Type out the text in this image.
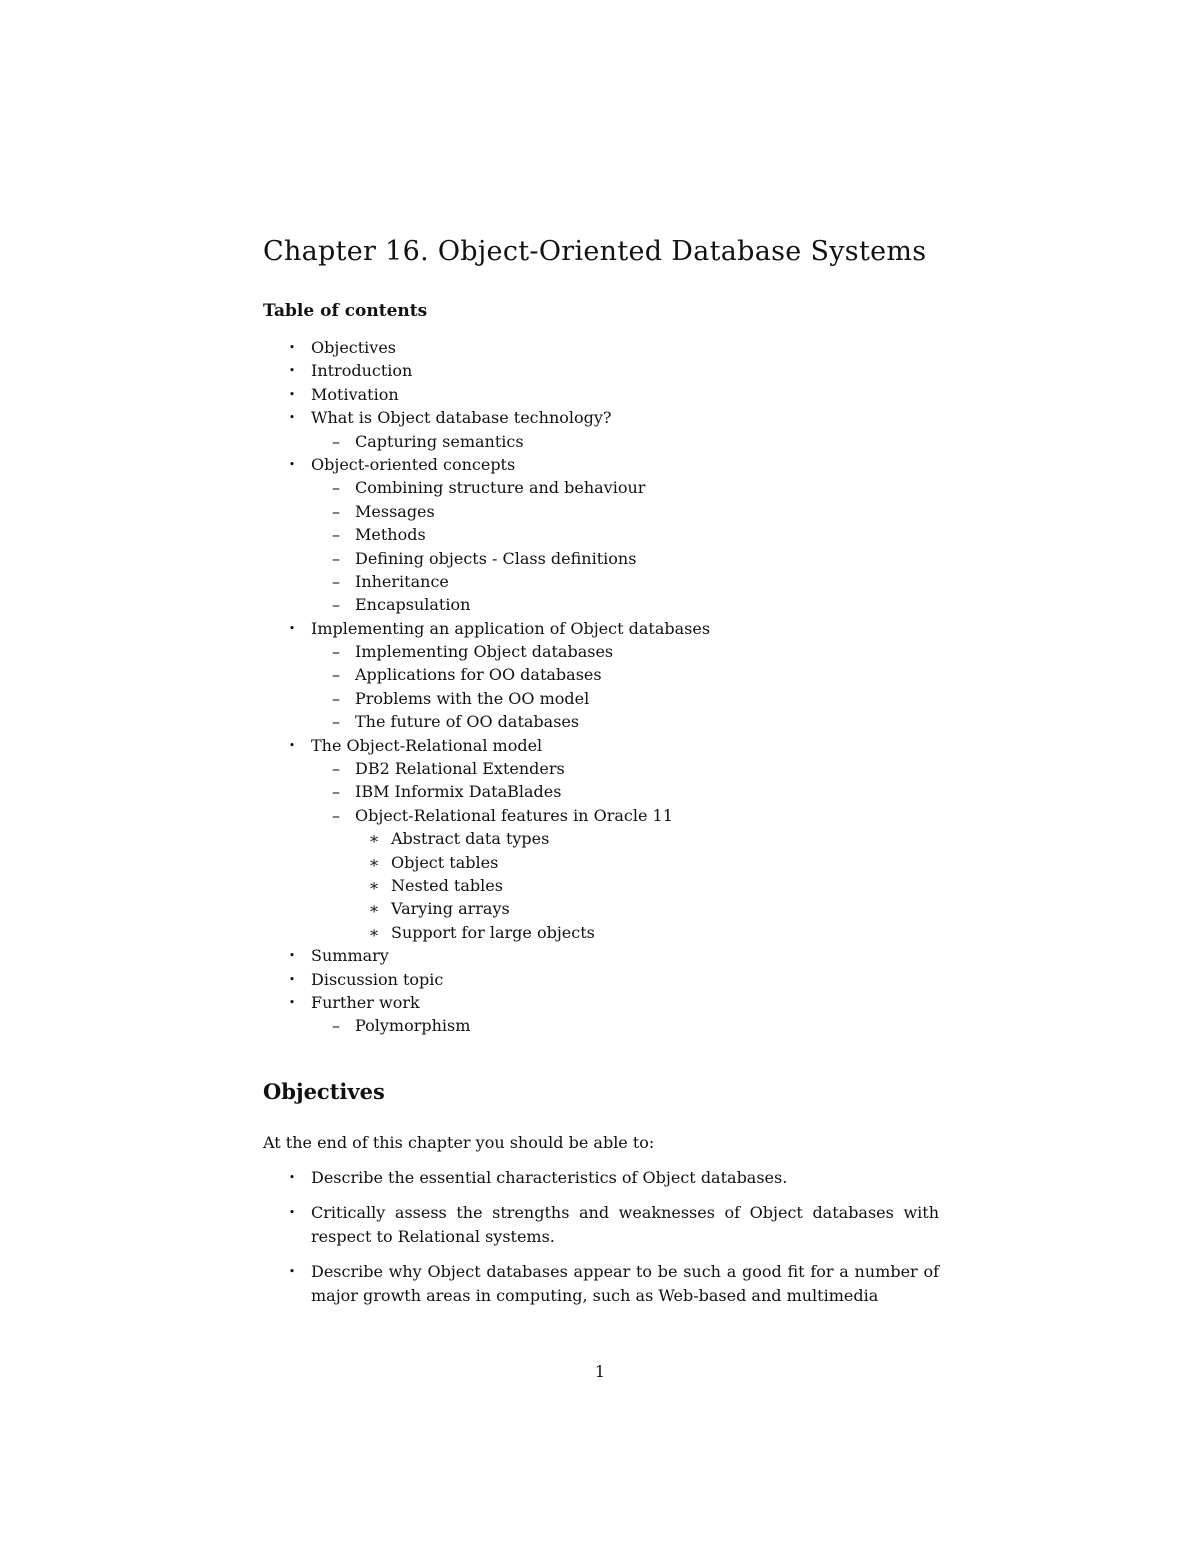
Chapter 16. Object-Oriented Database Systems
Table of contents
• Objectives
• Introduction
• Motivation
• What is Object database technology?
– Capturing semantics
• Object-oriented concepts
– Combining structure and behaviour
– Messages
– Methods
– Defining objects - Class definitions
– Inheritance
– Encapsulation
• Implementing an application of Object databases
– Implementing Object databases
– Applications for OO databases
– Problems with the OO model
– The future of OO databases
• The Object-Relational model
– DB2 Relational Extenders
– IBM Informix DataBlades
– Object-Relational features in Oracle 11
∗ Abstract data types
∗ Object tables
∗ Nested tables
∗ Varying arrays
∗ Support for large objects
• Summary
• Discussion topic
• Further work
– Polymorphism
Objectives

At the end of this chapter you should be able to:

• Describe the essential characteristics of Object databases.
• Critically assess the strengths and weaknesses of Object databases with respect to Relational systems.
• Describe why Object databases appear to be such a good fit for a number of major growth areas in computing, such as Web-based and multimedia
1
